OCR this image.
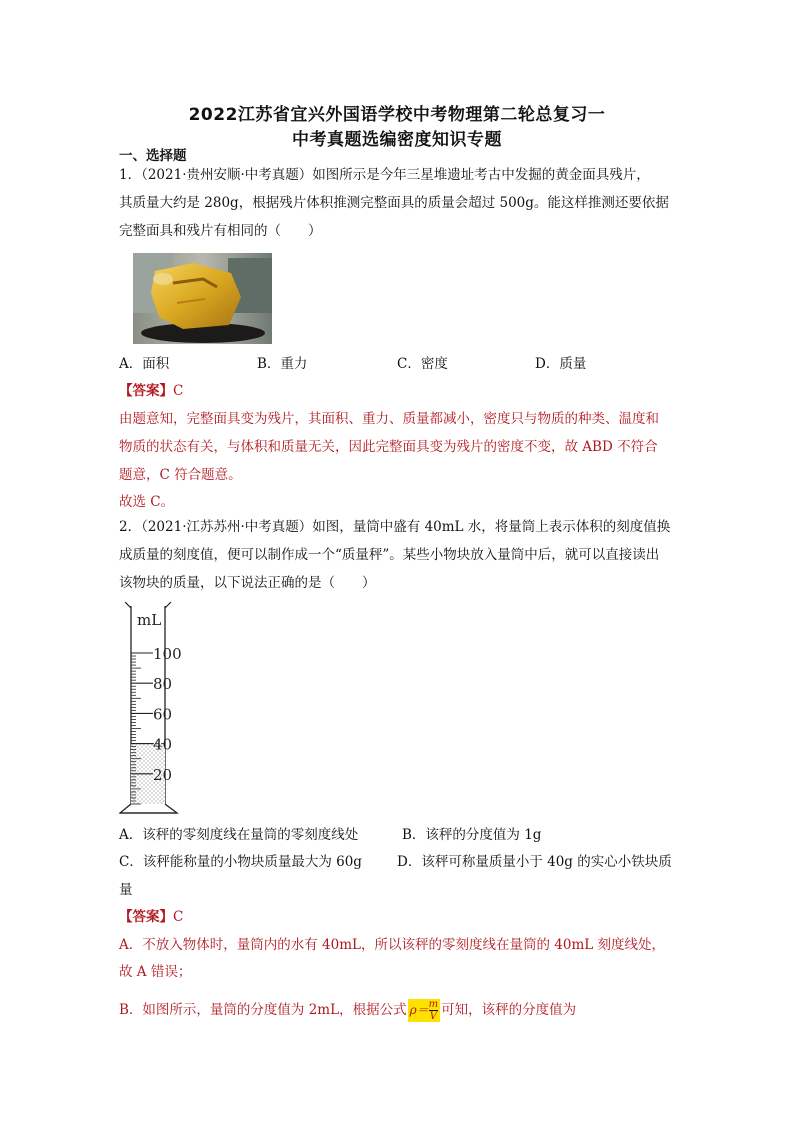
2022江苏省宜兴外国语学校中考物理第二轮总复习一
中考真题选编密度知识专题
一、选择题
1．（2021·贵州安顺·中考真题）如图所示是今年三星堆遗址考古中发掘的黄金面具残片，
其质量大约是 280g，根据残片体积推测完整面具的质量会超过 500g。能这样推测还要依据
完整面具和残片有相同的（　　）
A．面积	B．重力	C．密度	D．质量
【答案】C
由题意知，完整面具变为残片，其面积、重力、质量都减小，密度只与物质的种类、温度和
物质的状态有关，与体积和质量无关，因此完整面具变为残片的密度不变，故 ABD 不符合
题意，C 符合题意。
故选 C。
2．（2021·江苏苏州·中考真题）如图，量筒中盛有 40mL 水，将量筒上表示体积的刻度值换
成质量的刻度值，便可以制作成一个“质量秤”。某些小物块放入量筒中后，就可以直接读出
该物块的质量，以下说法正确的是（　　）
mL
100
80
60
40
20
A．该秤的零刻度线在量筒的零刻度线处	B．该秤的分度值为 1g
C．该秤能称量的小物块质量最大为 60g	D．该秤可称量质量小于 40g 的实心小铁块质
量
【答案】C
A．不放入物体时，量筒内的水有 40mL，所以该秤的零刻度线在量筒的 40mL 刻度线处，
故 A 错误；
B．如图所示，量筒的分度值为 2mL，根据公式 $\rho= \frac{m}{V}$ 可知，该秤的分度值为
